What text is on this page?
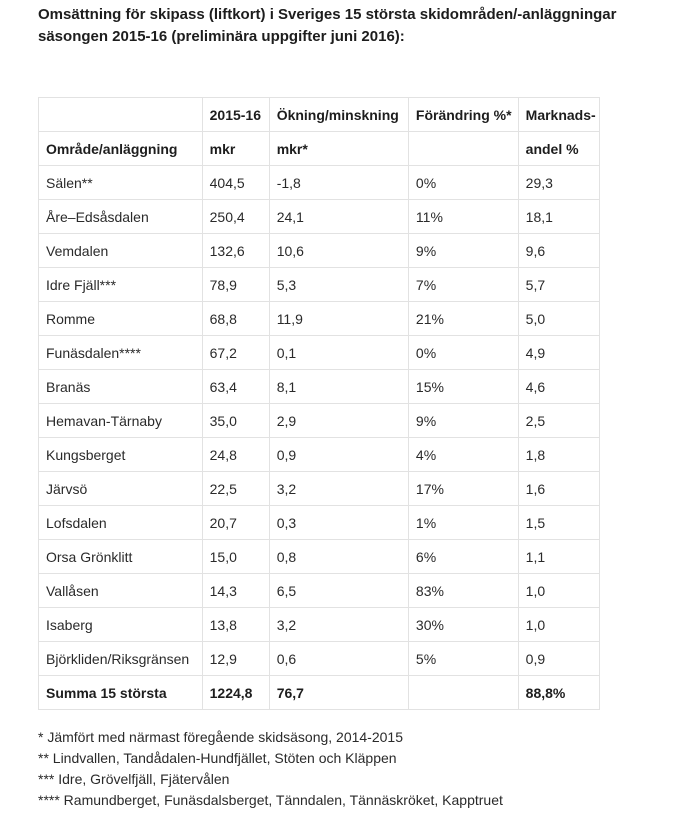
Omsättning för skipass (liftkort) i Sveriges 15 största skidområden/-anläggningar
säsongen 2015-16 (preliminära uppgifter juni 2016):
	2015-16	Ökning/minskning	Förändring %*	Marknads-
Område/anläggning	mkr	mkr*		andel %
Sälen**	404,5	-1,8	0%	29,3
Åre–Edsåsdalen	250,4	24,1	11%	18,1
Vemdalen	132,6	10,6	9%	9,6
Idre Fjäll***	78,9	5,3	7%	5,7
Romme	68,8	11,9	21%	5,0
Funäsdalen****	67,2	0,1	0%	4,9
Branäs	63,4	8,1	15%	4,6
Hemavan-Tärnaby	35,0	2,9	9%	2,5
Kungsberget	24,8	0,9	4%	1,8
Järvsö	22,5	3,2	17%	1,6
Lofsdalen	20,7	0,3	1%	1,5
Orsa Grönklitt	15,0	0,8	6%	1,1
Vallåsen	14,3	6,5	83%	1,0
Isaberg	13,8	3,2	30%	1,0
Björkliden/Riksgränsen	12,9	0,6	5%	0,9
Summa 15 största	1224,8	76,7		88,8%
* Jämfört med närmast föregående skidsäsong, 2014-2015
** Lindvallen, Tandådalen-Hundfjället, Stöten och Kläppen
*** Idre, Grövelfjäll, Fjätervålen
**** Ramundberget, Funäsdalsberget, Tänndalen, Tännäskröket, Kapptruet
